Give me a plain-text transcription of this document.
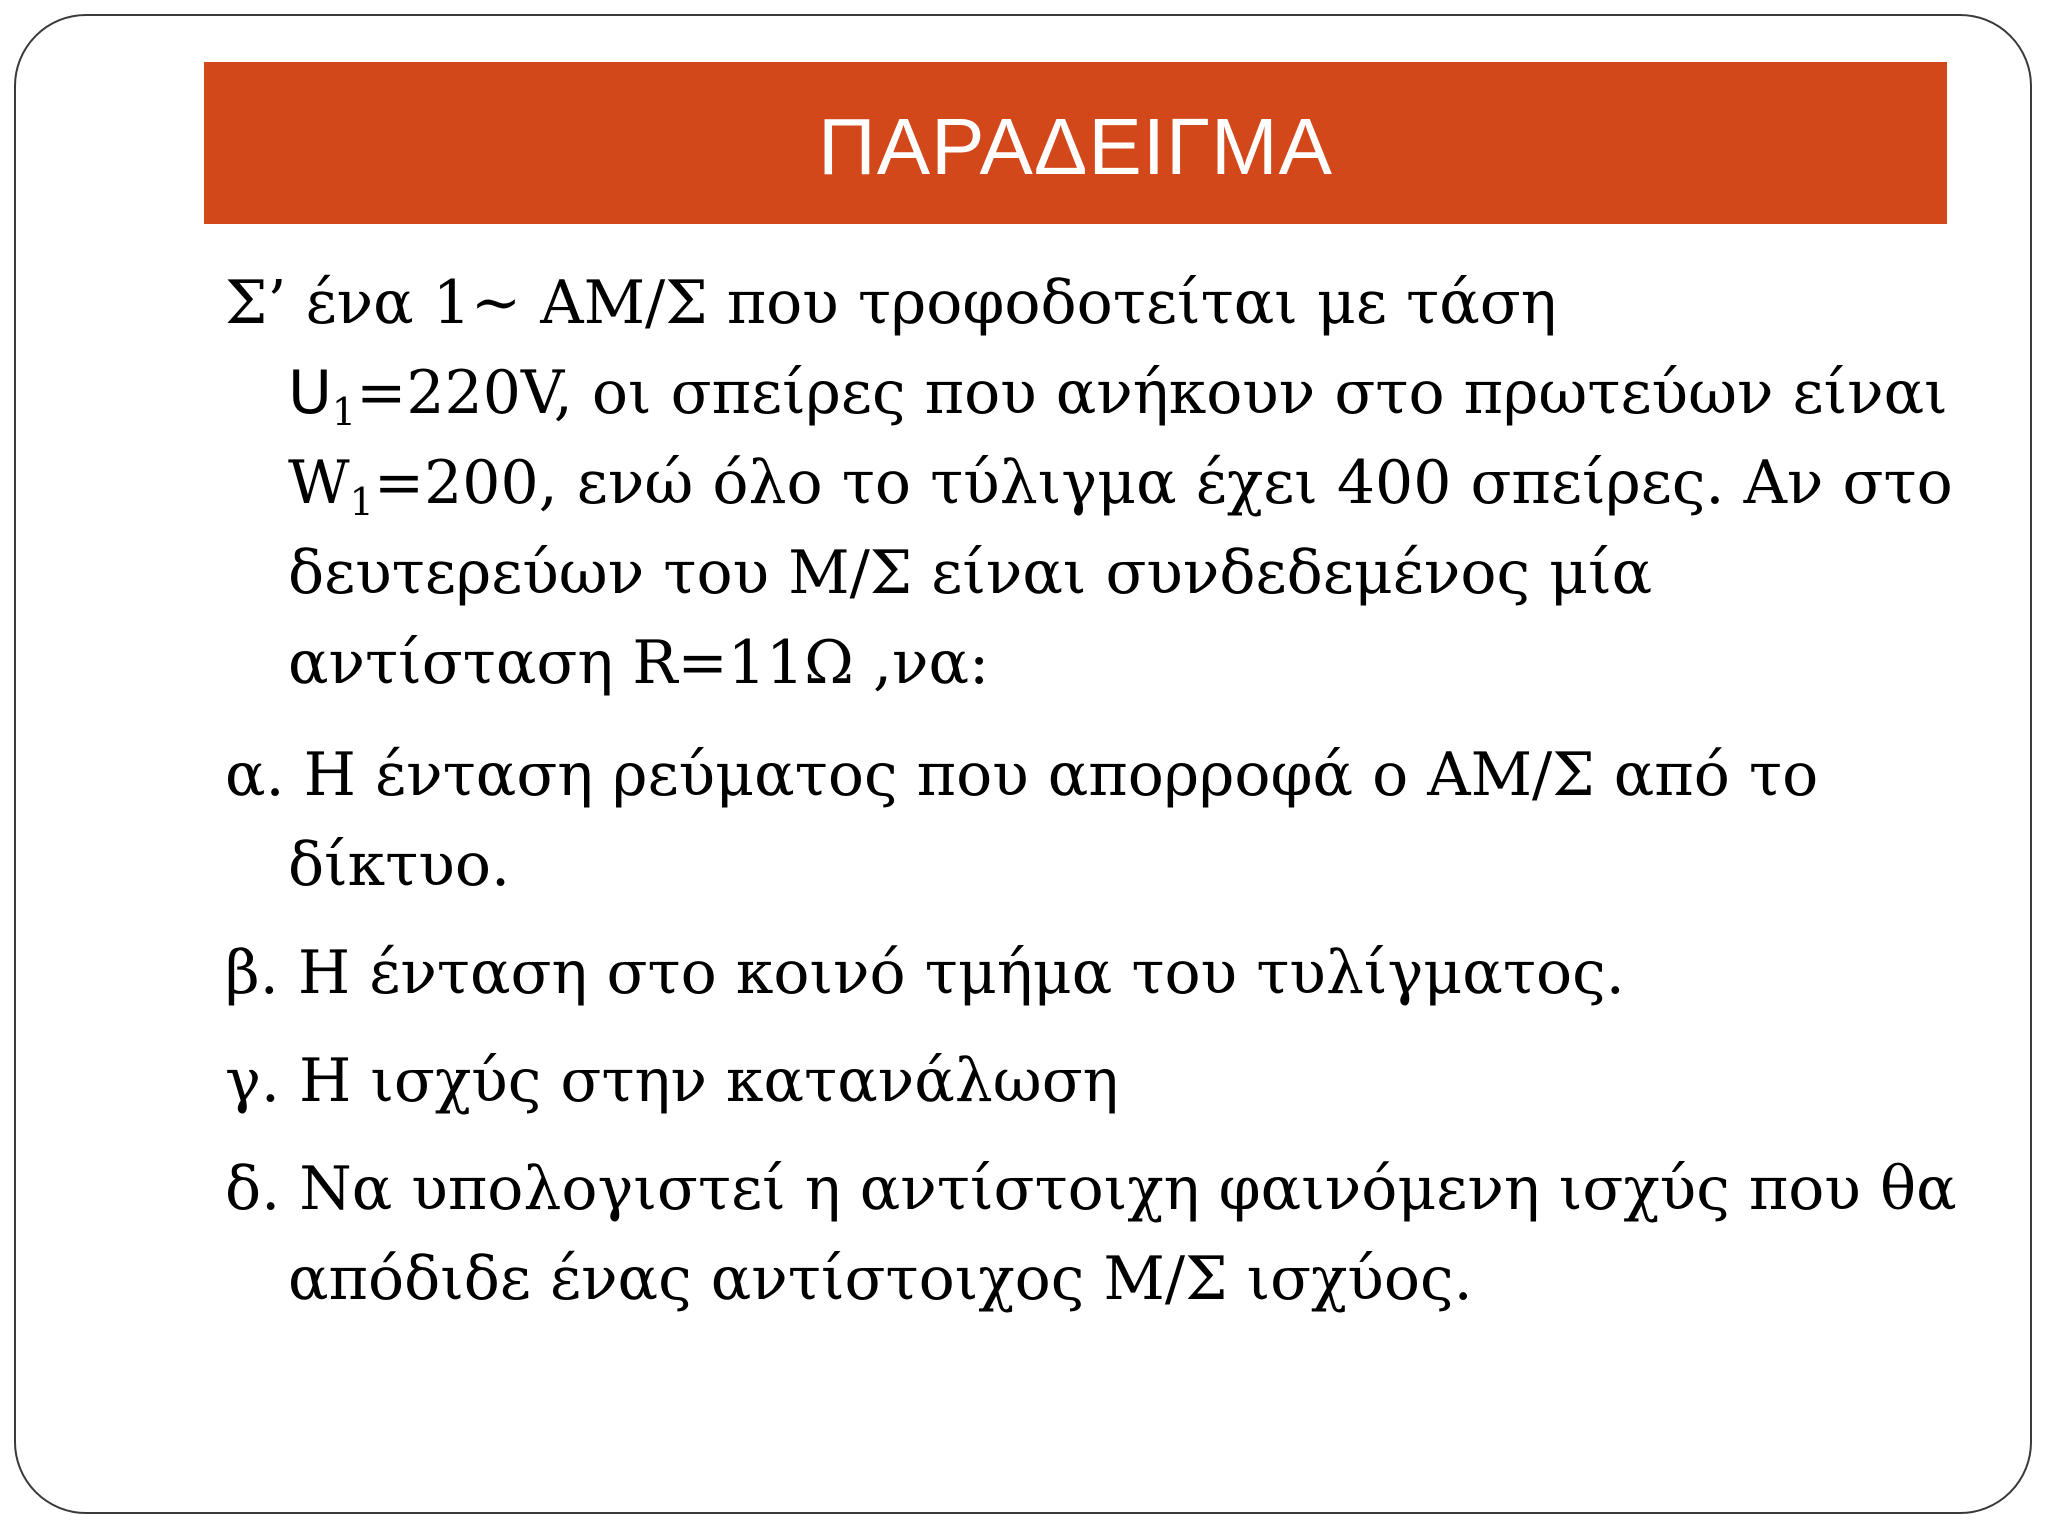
ΠΑΡΑΔΕΙΓΜΑ

Σ’ ένα 1~ ΑΜ/Σ που τροφοδοτείται με τάση
$U_1=220V$, οι σπείρες που ανήκουν στο πρωτεύων είναι $W_1=200$, ενώ όλο το τύλιγμα έχει 400 σπείρες. Αν στο δευτερεύων του Μ/Σ είναι συνδεδεμένος μία αντίσταση R=11Ω ,να:

α. Η ένταση ρεύματος που απορροφά ο ΑΜ/Σ από το δίκτυο.

β. Η ένταση στο κοινό τμήμα του τυλίγματος.

γ. Η ισχύς στην κατανάλωση

δ. Να υπολογιστεί η αντίστοιχη φαινόμενη ισχύς που θα απόδιδε ένας αντίστοιχος Μ/Σ ισχύος.
